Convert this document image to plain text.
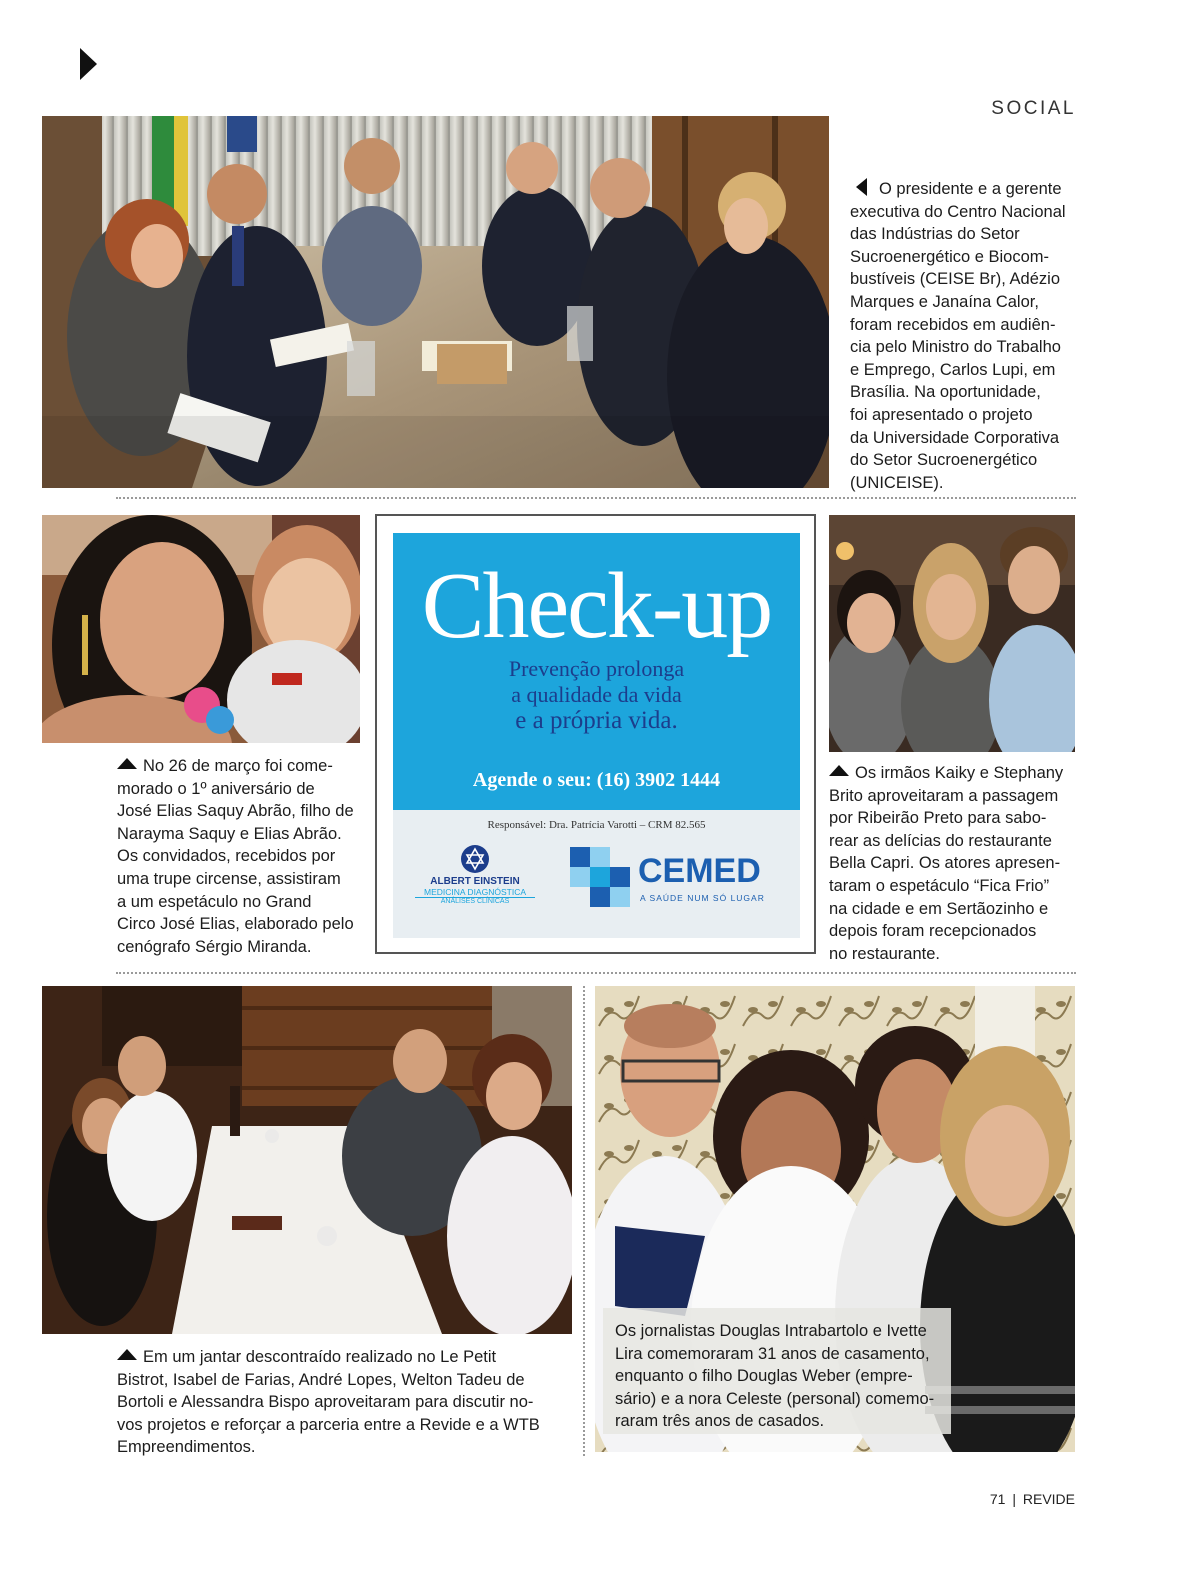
SOCIAL

O presidente e a gerente
executiva do Centro Nacional
das Indústrias do Setor
Sucroenergético e Biocom-
bustíveis (CEISE Br), Adézio
Marques e Janaína Calor,
foram recebidos em audiên-
cia pelo Ministro do Trabalho
e Emprego, Carlos Lupi, em
Brasília. Na oportunidade,
foi apresentado o projeto
da Universidade Corporativa
do Setor Sucroenergético
(UNICEISE).

No 26 de março foi come-
morado o 1º aniversário de
José Elias Saquy Abrão, filho de
Narayma Saquy e Elias Abrão.
Os convidados, recebidos por
uma trupe circense, assistiram
a um espetáculo no Grand
Circo José Elias, elaborado pelo
cenógrafo Sérgio Miranda.

Check-up
Prevenção prolonga
a qualidade da vida
e a própria vida.
Agende o seu: (16) 3902 1444
Responsável: Dra. Patrícia Varotti – CRM 82.565
ALBERT EINSTEIN
MEDICINA DIAGNÓSTICA
ANÁLISES CLÍNICAS
CEMED
A SAÚDE NUM SÓ LUGAR

Os irmãos Kaiky e Stephany
Brito aproveitaram a passagem
por Ribeirão Preto para sabo-
rear as delícias do restaurante
Bella Capri. Os atores apresen-
taram o espetáculo “Fica Frio”
na cidade e em Sertãozinho e
depois foram recepcionados
no restaurante.

Em um jantar descontraído realizado no Le Petit
Bistrot, Isabel de Farias, André Lopes, Welton Tadeu de
Bortoli e Alessandra Bispo aproveitaram para discutir no-
vos projetos e reforçar a parceria entre a Revide e a WTB
Empreendimentos.

Os jornalistas Douglas Intrabartolo e Ivette
Lira comemoraram 31 anos de casamento,
enquanto o filho Douglas Weber (empre-
sário) e a nora Celeste (personal) comemo-
raram três anos de casados.

71 | REVIDE
